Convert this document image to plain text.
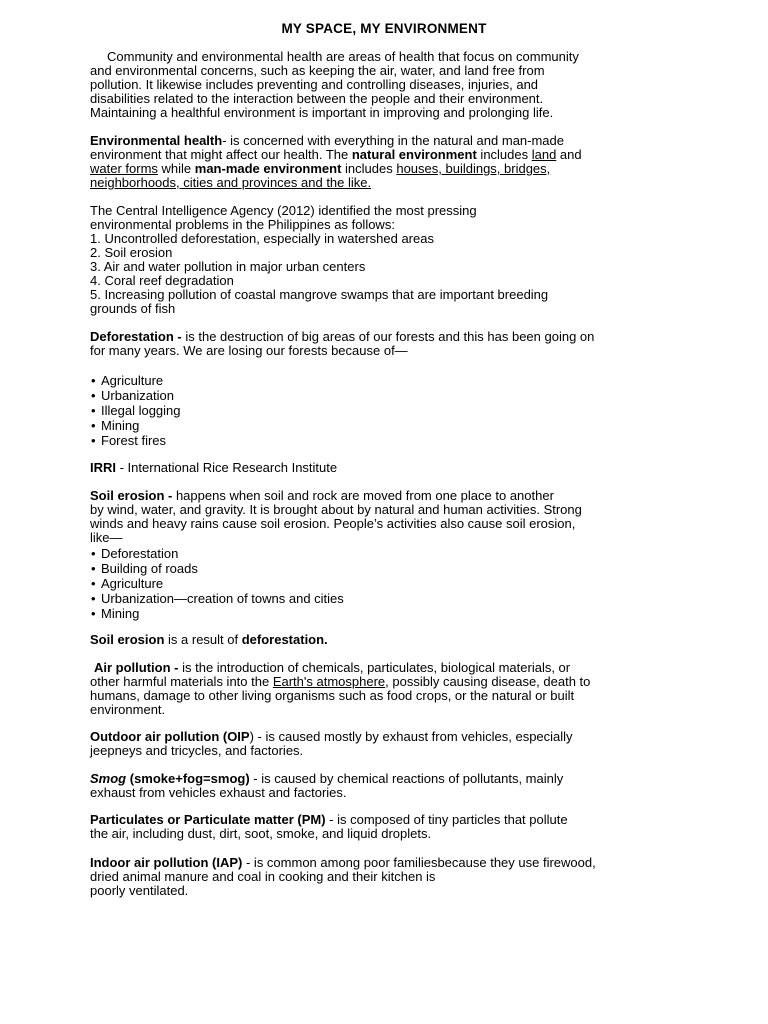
MY SPACE, MY ENVIRONMENT
Community and environmental health are areas of health that focus on community
and environmental concerns, such as keeping the air, water, and land free from
pollution. It likewise includes preventing and controlling diseases, injuries, and
disabilities related to the interaction between the people and their environment.
Maintaining a healthful environment is important in improving and prolonging life.
Environmental health- is concerned with everything in the natural and man-made
environment that might affect our health. The natural environment includes land and
water forms while man-made environment includes houses, buildings, bridges,
neighborhoods, cities and provinces and the like.
The Central Intelligence Agency (2012) identified the most pressing
environmental problems in the Philippines as follows:
1. Uncontrolled deforestation, especially in watershed areas
2. Soil erosion
3. Air and water pollution in major urban centers
4. Coral reef degradation
5. Increasing pollution of coastal mangrove swamps that are important breeding
grounds of fish
Deforestation - is the destruction of big areas of our forests and this has been going on
for many years. We are losing our forests because of—
• Agriculture
• Urbanization
• Illegal logging
• Mining
• Forest fires
IRRI - International Rice Research Institute
Soil erosion - happens when soil and rock are moved from one place to another
by wind, water, and gravity. It is brought about by natural and human activities. Strong
winds and heavy rains cause soil erosion. People’s activities also cause soil erosion,
like—
• Deforestation
• Building of roads
• Agriculture
• Urbanization—creation of towns and cities
• Mining
Soil erosion is a result of deforestation.
Air pollution - is the introduction of chemicals, particulates, biological materials, or
other harmful materials into the Earth's atmosphere, possibly causing disease, death to
humans, damage to other living organisms such as food crops, or the natural or built
environment.
Outdoor air pollution (OIP) - is caused mostly by exhaust from vehicles, especially
jeepneys and tricycles, and factories.
Smog (smoke+fog=smog) - is caused by chemical reactions of pollutants, mainly
exhaust from vehicles exhaust and factories.
Particulates or Particulate matter (PM) - is composed of tiny particles that pollute
the air, including dust, dirt, soot, smoke, and liquid droplets.
Indoor air pollution (IAP) - is common among poor familiesbecause they use firewood,
dried animal manure and coal in cooking and their kitchen is
poorly ventilated.
